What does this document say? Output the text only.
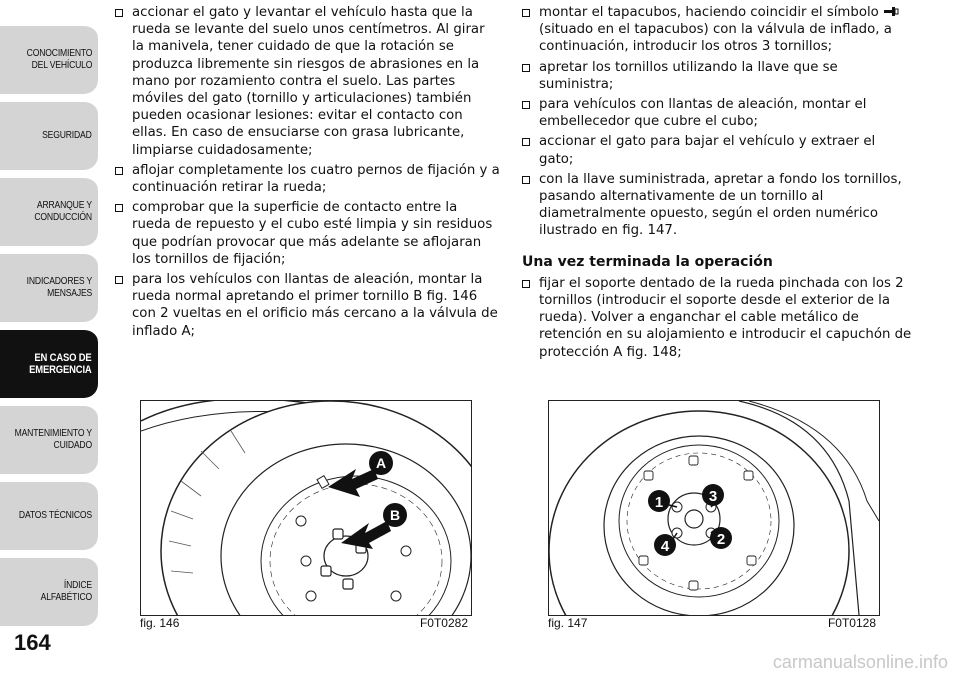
CONOCIMIENTO
DEL VEHÍCULO
SEGURIDAD
ARRANQUE Y
CONDUCCIÓN
INDICADORES Y
MENSAJES
EN CASO DE
EMERGENCIA
MANTENIMIENTO Y
CUIDADO
DATOS TÉCNICOS
ÍNDICE ALFABÉTICO
164
accionar el gato y levantar el vehículo hasta que la rueda se levante del suelo unos centímetros. Al girar la manivela, tener cuidado de que la rotación se produzca libremente sin riesgos de abrasiones en la mano por rozamiento contra el suelo. Las partes móviles del gato (tornillo y articulaciones) también pueden ocasionar lesiones: evitar el contacto con ellas. En caso de ensuciarse con grasa lubricante, limpiarse cuidadosamente;
aflojar completamente los cuatro pernos de fijación y a continuación retirar la rueda;
comprobar que la superficie de contacto entre la rueda de repuesto y el cubo esté limpia y sin residuos que podrían provocar que más adelante se aflojaran los tornillos de fijación;
para los vehículos con llantas de aleación, montar la rueda normal apretando el primer tornillo B fig. 146 con 2 vueltas en el orificio más cercano a la válvula de inflado A;
montar el tapacubos, haciendo coincidir el símbolo  (situado en el tapacubos) con la válvula de inflado, a continuación, introducir los otros 3 tornillos;
apretar los tornillos utilizando la llave que se suministra;
para vehículos con llantas de aleación, montar el embellecedor que cubre el cubo;
accionar el gato para bajar el vehículo y extraer el gato;
con la llave suministrada, apretar a fondo los tornillos, pasando alternativamente de un tornillo al diametralmente opuesto, según el orden numérico ilustrado en fig. 147.
Una vez terminada la operación
fijar el soporte dentado de la rueda pinchada con los 2 tornillos (introducir el soporte desde el exterior de la rueda). Volver a enganchar el cable metálico de retención en su alojamiento e introducir el capuchón de protección A fig. 148;
A
B
fig. 146	F0T0282
1
2
3
4
fig. 147	F0T0128
carmanualsonline.info
